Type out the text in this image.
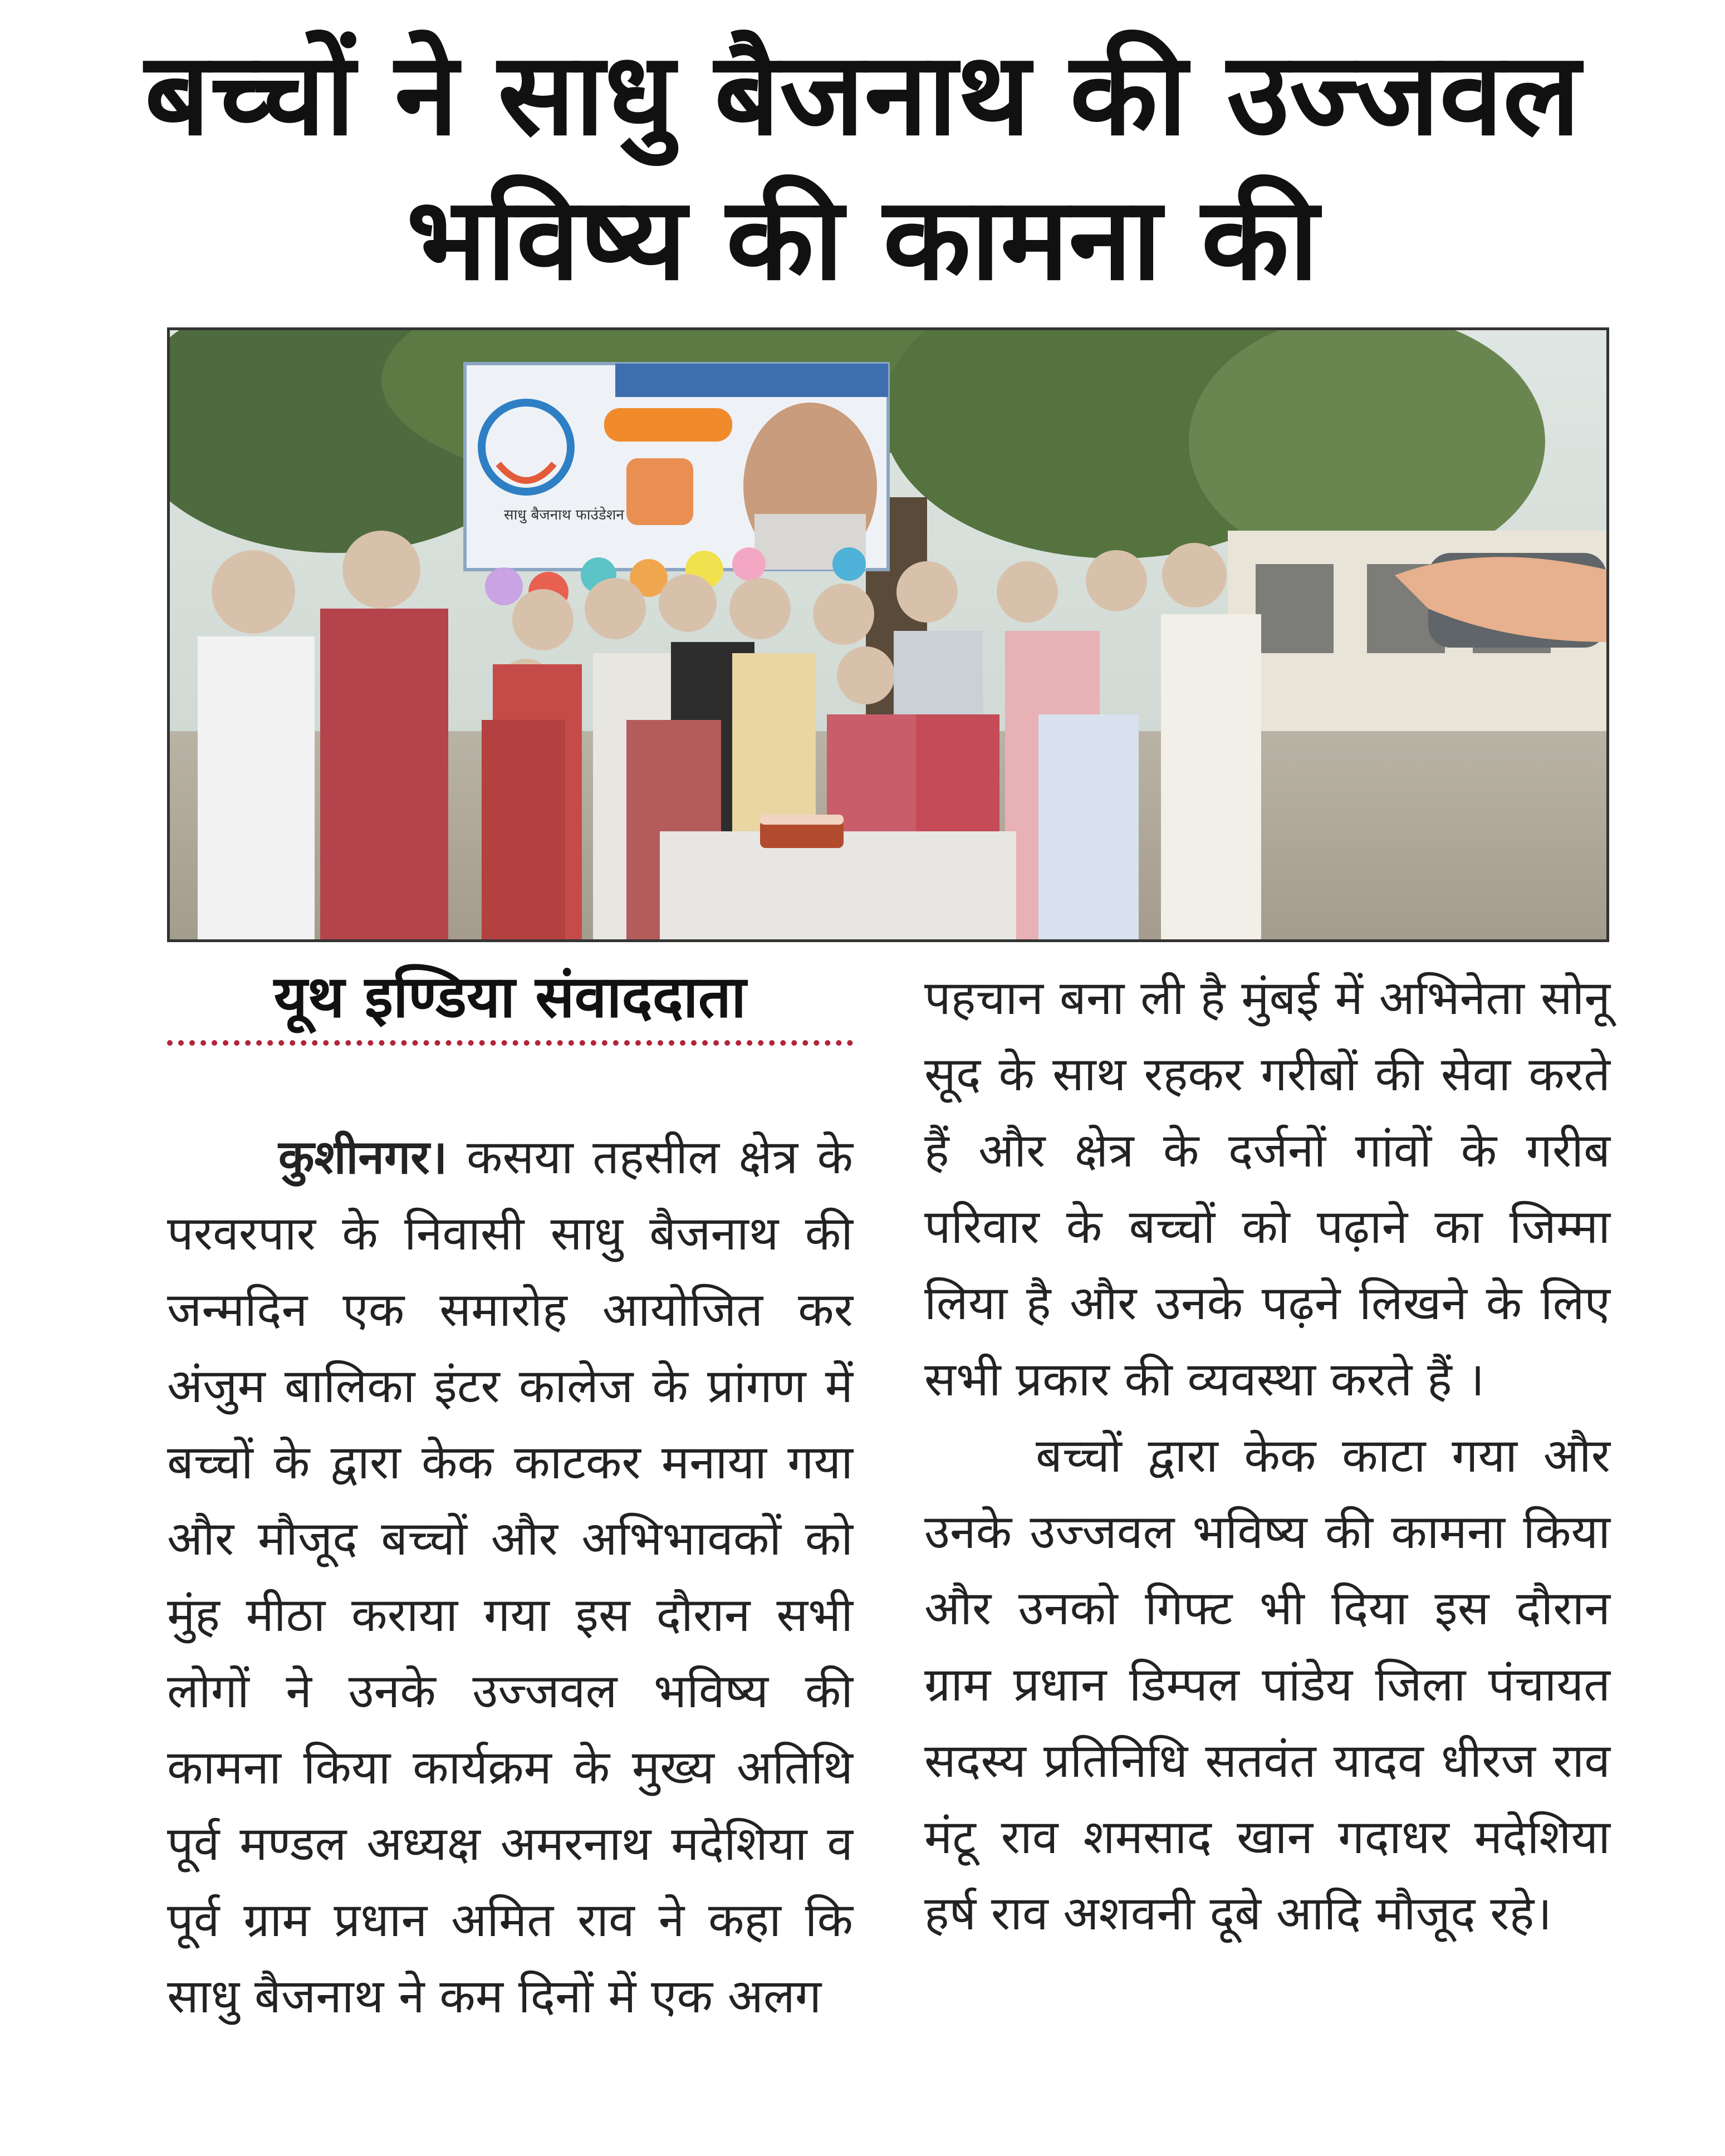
बच्चों ने साधु बैजनाथ की उज्जवल
भविष्य की कामना की
साधु बैजनाथ फाउंडेशन
यूथ इण्डिया संवाददाता

कुशीनगर। कसया तहसील क्षेत्र के परवरपार के निवासी साधु बैजनाथ की जन्मदिन एक समारोह आयोजित कर अंजुम बालिका इंटर कालेज के प्रांगण में बच्चों के द्वारा केक काटकर मनाया गया और मौजूद बच्चों और अभिभावकों को मुंह मीठा कराया गया इस दौरान सभी लोगों ने उनके उज्जवल भविष्य की कामना किया कार्यक्रम के मुख्य अतिथि पूर्व मण्डल अध्यक्ष अमरनाथ मदेशिया व पूर्व ग्राम प्रधान अमित राव ने कहा कि साधु बैजनाथ ने कम दिनों में एक अलग

पहचान बना ली है मुंबई में अभिनेता सोनू सूद के साथ रहकर गरीबों की सेवा करते हैं और क्षेत्र के दर्जनों गांवों के गरीब परिवार के बच्चों को पढ़ाने का जिम्मा लिया है और उनके पढ़ने लिखने के लिए सभी प्रकार की व्यवस्था करते हैं ।

बच्चों द्वारा केक काटा गया और उनके उज्जवल भविष्य की कामना किया और उनको गिफ्ट भी दिया इस दौरान ग्राम प्रधान डिम्पल पांडेय जिला पंचायत सदस्य प्रतिनिधि सतवंत यादव धीरज राव मंटू राव शमसाद खान गदाधर मदेशिया हर्ष राव अशवनी दूबे आदि मौजूद रहे।
